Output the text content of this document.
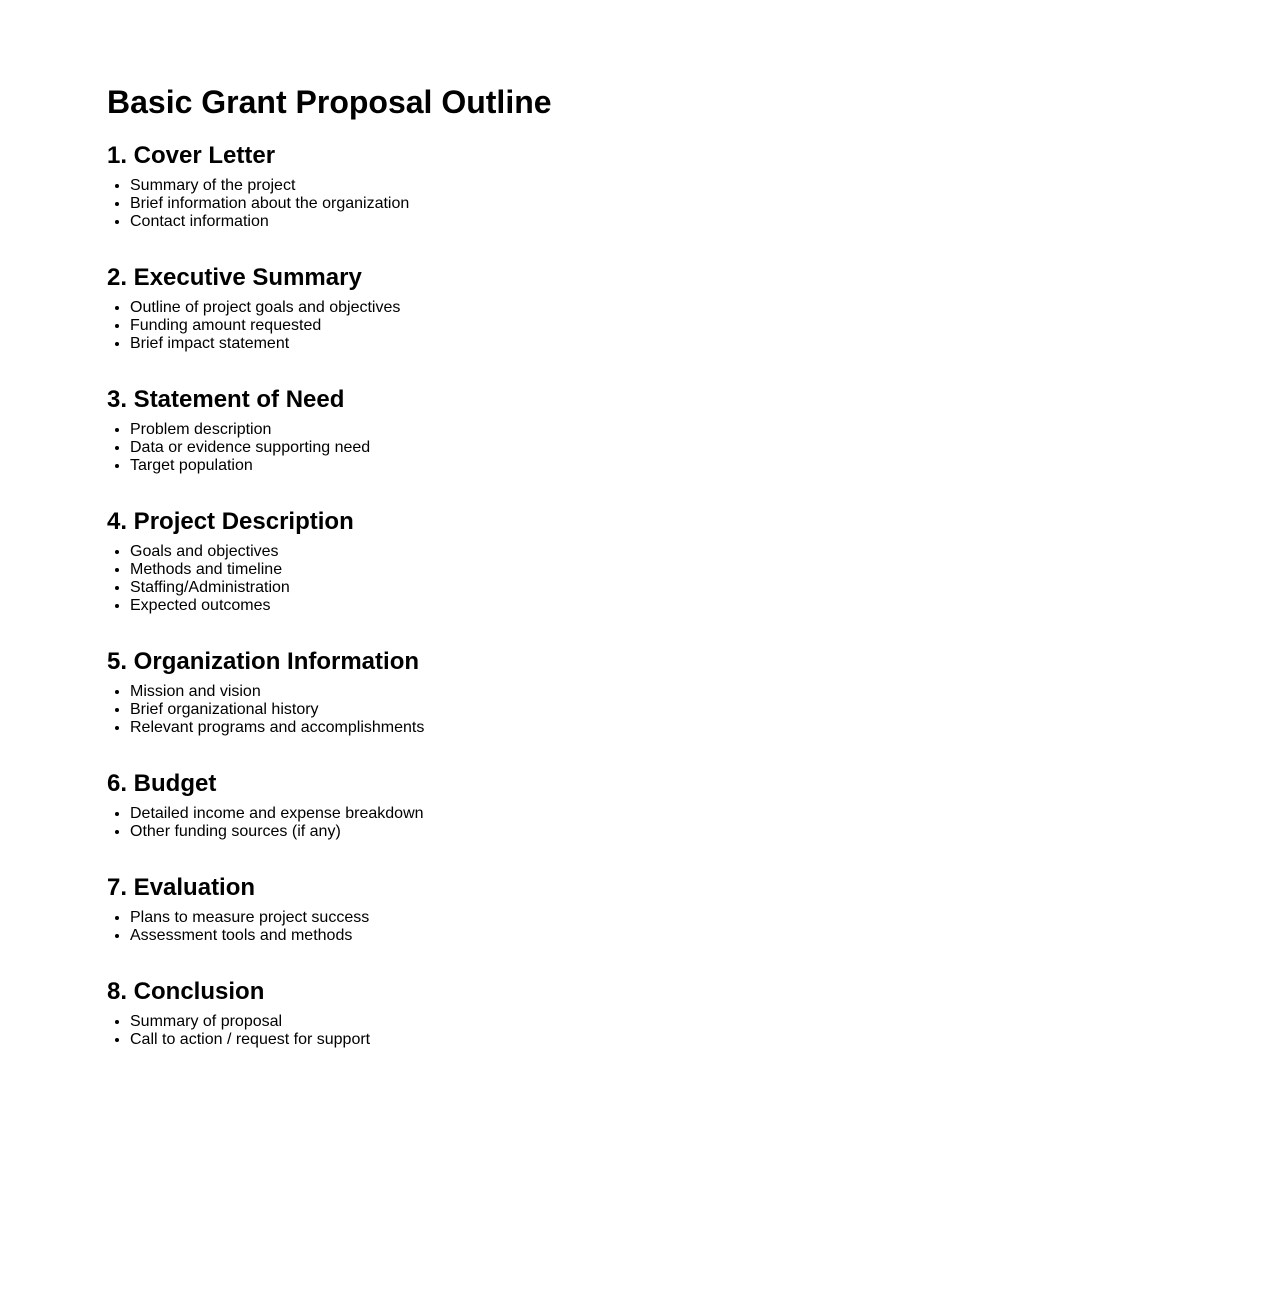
Basic Grant Proposal Outline
1. Cover Letter
• Summary of the project
• Brief information about the organization
• Contact information
2. Executive Summary
• Outline of project goals and objectives
• Funding amount requested
• Brief impact statement
3. Statement of Need
• Problem description
• Data or evidence supporting need
• Target population
4. Project Description
• Goals and objectives
• Methods and timeline
• Staffing/Administration
• Expected outcomes
5. Organization Information
• Mission and vision
• Brief organizational history
• Relevant programs and accomplishments
6. Budget
• Detailed income and expense breakdown
• Other funding sources (if any)
7. Evaluation
• Plans to measure project success
• Assessment tools and methods
8. Conclusion
• Summary of proposal
• Call to action / request for support
